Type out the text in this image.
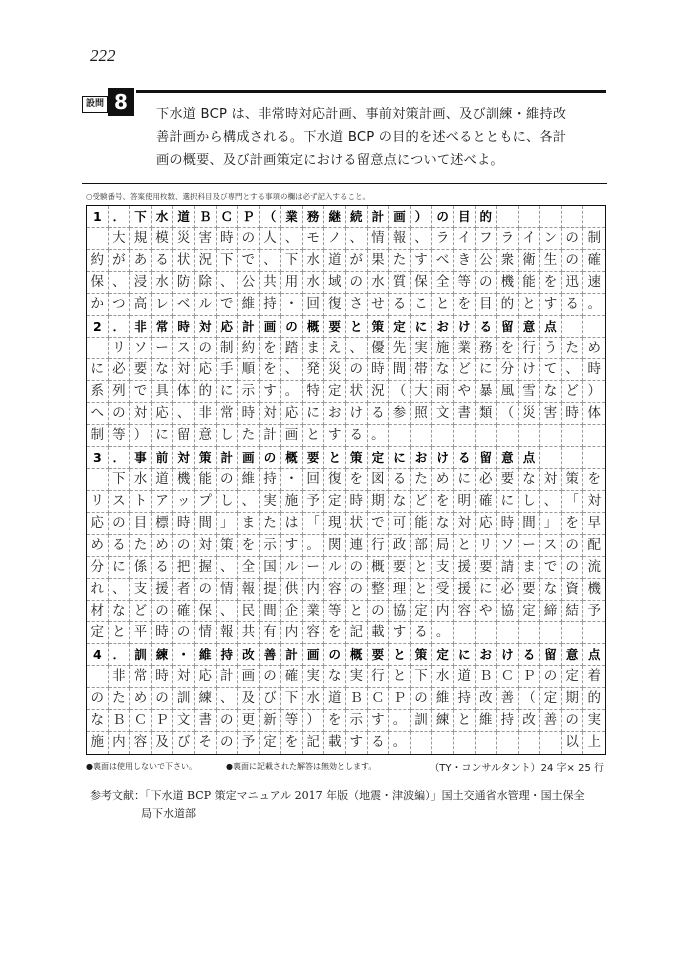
222
設問 8
下水道 BCP は、非常時対応計画、事前対策計画、及び訓練・維持改
善計画から構成される。下水道 BCP の目的を述べるとともに、各計
画の概要、及び計画策定における留意点について述べよ。
○受験番号、答案使用枚数、選択科目及び専門とする事項の欄は必ず記入すること。
1 ． 下 水 道 Ｂ Ｃ Ｐ （ 業 務 継 続 計 画 ） の 目 的
大 規 模 災 害 時 の 人 、 モ ノ 、 情 報 、 ラ イ フ ラ イ ン の 制
約 が あ る 状 況 下 で 、 下 水 道 が 果 た す べ き 公 衆 衛 生 の 確
保 、 浸 水 防 除 、 公 共 用 水 域 の 水 質 保 全 等 の 機 能 を 迅 速
か つ 高 レ ベ ル で 維 持 ・ 回 復 さ せ る こ と を 目 的 と す る 。
2 ． 非 常 時 対 応 計 画 の 概 要 と 策 定 に お け る 留 意 点
リ ソ ー ス の 制 約 を 踏 ま え 、 優 先 実 施 業 務 を 行 う た め
に 必 要 な 対 応 手 順 を 、 発 災 の 時 間 帯 な ど に 分 け て 、 時
系 列 で 具 体 的 に 示 す 。 特 定 状 況 （ 大 雨 や 暴 風 雪 な ど ）
へ の 対 応 、 非 常 時 対 応 に お け る 参 照 文 書 類 （ 災 害 時 体
制 等 ） に 留 意 し た 計 画 と す る 。
3 ． 事 前 対 策 計 画 の 概 要 と 策 定 に お け る 留 意 点
下 水 道 機 能 の 維 持 ・ 回 復 を 図 る た め に 必 要 な 対 策 を
リ ス ト ア ッ プ し 、 実 施 予 定 時 期 な ど を 明 確 に し 、 「 対
応 の 目 標 時 間 」 ま た は 「 現 状 で 可 能 な 対 応 時 間 」 を 早
め る た め の 対 策 を 示 す 。 関 連 行 政 部 局 と リ ソ ー ス の 配
分 に 係 る 把 握 、 全 国 ル ー ル の 概 要 と 支 援 要 請 ま で の 流
れ 、 支 援 者 の 情 報 提 供 内 容 の 整 理 と 受 援 に 必 要 な 資 機
材 な ど の 確 保 、 民 間 企 業 等 と の 協 定 内 容 や 協 定 締 結 予
定 と 平 時 の 情 報 共 有 内 容 を 記 載 す る 。
4 ． 訓 練 ・ 維 持 改 善 計 画 の 概 要 と 策 定 に お け る 留 意 点
非 常 時 対 応 計 画 の 確 実 な 実 行 と 下 水 道 Ｂ Ｃ Ｐ の 定 着
の た め の 訓 練 、 及 び 下 水 道 Ｂ Ｃ Ｐ の 維 持 改 善 （ 定 期 的
な Ｂ Ｃ Ｐ 文 書 の 更 新 等 ） を 示 す 。 訓 練 と 維 持 改 善 の 実
施 内 容 及 び そ の 予 定 を 記 載 す る 。	以 上
●裏面は使用しないで下さい。	●裏面に記載された解答は無効とします。	（TY・コンサルタント）24 字× 25 行
参考文献：「下水道 BCP 策定マニュアル 2017 年版（地震・津波編）」国土交通省水管理・国土保全
局下水道部
